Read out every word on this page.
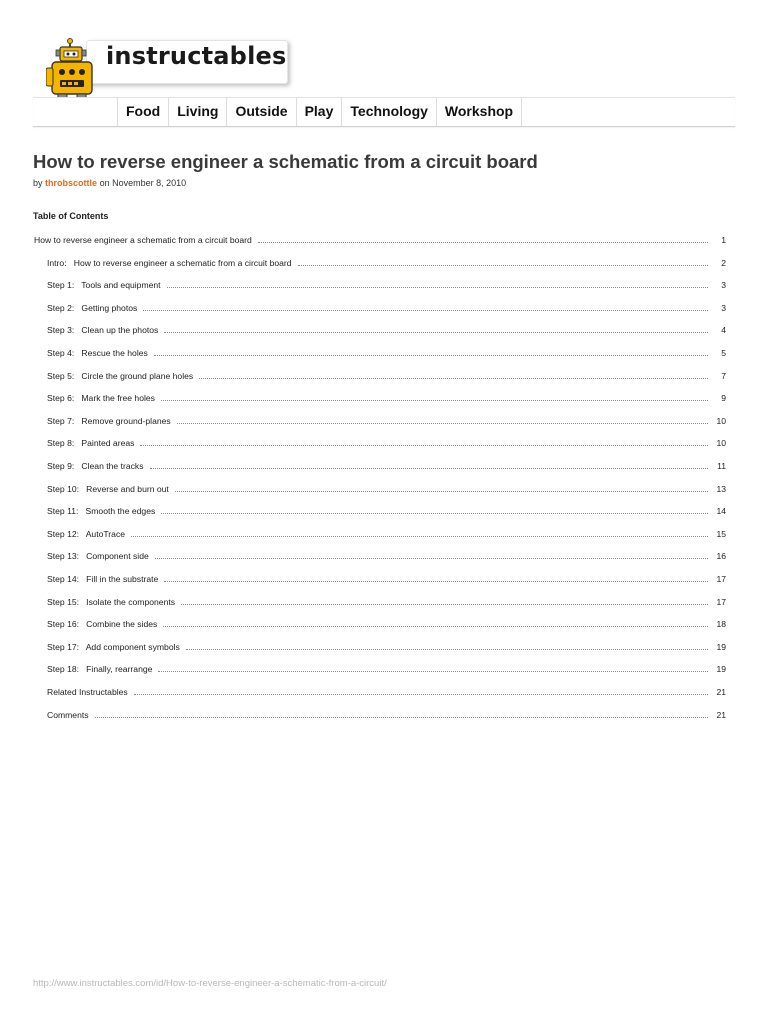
instructables
Food	Living	Outside	Play	Technology	Workshop
How to reverse engineer a schematic from a circuit board
by throbscottle on November 8, 2010
Table of Contents
How to reverse engineer a schematic from a circuit board	1
Intro:   How to reverse engineer a schematic from a circuit board	2
Step 1:   Tools and equipment	3
Step 2:   Getting photos	3
Step 3:   Clean up the photos	4
Step 4:   Rescue the holes	5
Step 5:   Circle the ground plane holes	7
Step 6:   Mark the free holes	9
Step 7:   Remove ground-planes	10
Step 8:   Painted areas	10
Step 9:   Clean the tracks	11
Step 10:   Reverse and burn out	13
Step 11:   Smooth the edges	14
Step 12:   AutoTrace	15
Step 13:   Component side	16
Step 14:   Fill in the substrate	17
Step 15:   Isolate the components	17
Step 16:   Combine the sides	18
Step 17:   Add component symbols	19
Step 18:   Finally, rearrange	19
Related Instructables	21
Comments	21
http://www.instructables.com/id/How-to-reverse-engineer-a-schematic-from-a-circuit/
